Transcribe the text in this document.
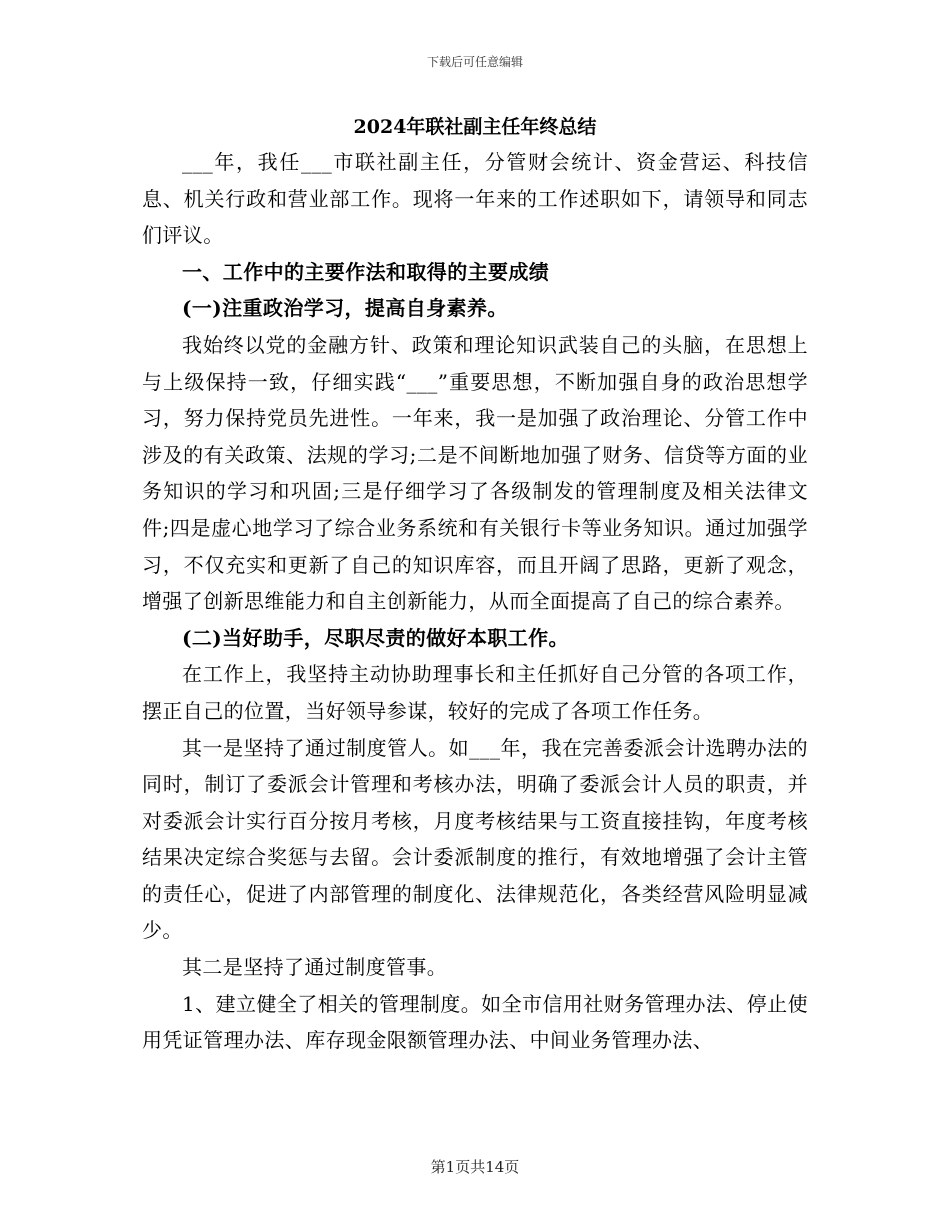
下载后可任意编辑
2024年联社副主任年终总结

___年，我任___市联社副主任，分管财会统计、资金营运、科技信息、机关行政和营业部工作。现将一年来的工作述职如下，请领导和同志们评议。

一、工作中的主要作法和取得的主要成绩

(一)注重政治学习，提高自身素养。

我始终以党的金融方针、政策和理论知识武装自己的头脑，在思想上与上级保持一致，仔细实践“___”重要思想，不断加强自身的政治思想学习，努力保持党员先进性。一年来，我一是加强了政治理论、分管工作中涉及的有关政策、法规的学习;二是不间断地加强了财务、信贷等方面的业务知识的学习和巩固;三是仔细学习了各级制发的管理制度及相关法律文件;四是虚心地学习了综合业务系统和有关银行卡等业务知识。通过加强学习，不仅充实和更新了自己的知识库容，而且开阔了思路，更新了观念，增强了创新思维能力和自主创新能力，从而全面提高了自己的综合素养。

(二)当好助手，尽职尽责的做好本职工作。

在工作上，我坚持主动协助理事长和主任抓好自己分管的各项工作，摆正自己的位置，当好领导参谋，较好的完成了各项工作任务。

其一是坚持了通过制度管人。如___年，我在完善委派会计选聘办法的同时，制订了委派会计管理和考核办法，明确了委派会计人员的职责，并对委派会计实行百分按月考核，月度考核结果与工资直接挂钩，年度考核结果决定综合奖惩与去留。会计委派制度的推行，有效地增强了会计主管的责任心，促进了内部管理的制度化、法律规范化，各类经营风险明显减少。

其二是坚持了通过制度管事。

1、建立健全了相关的管理制度。如全市信用社财务管理办法、停止使用凭证管理办法、库存现金限额管理办法、中间业务管理办法、

第1页共14页
